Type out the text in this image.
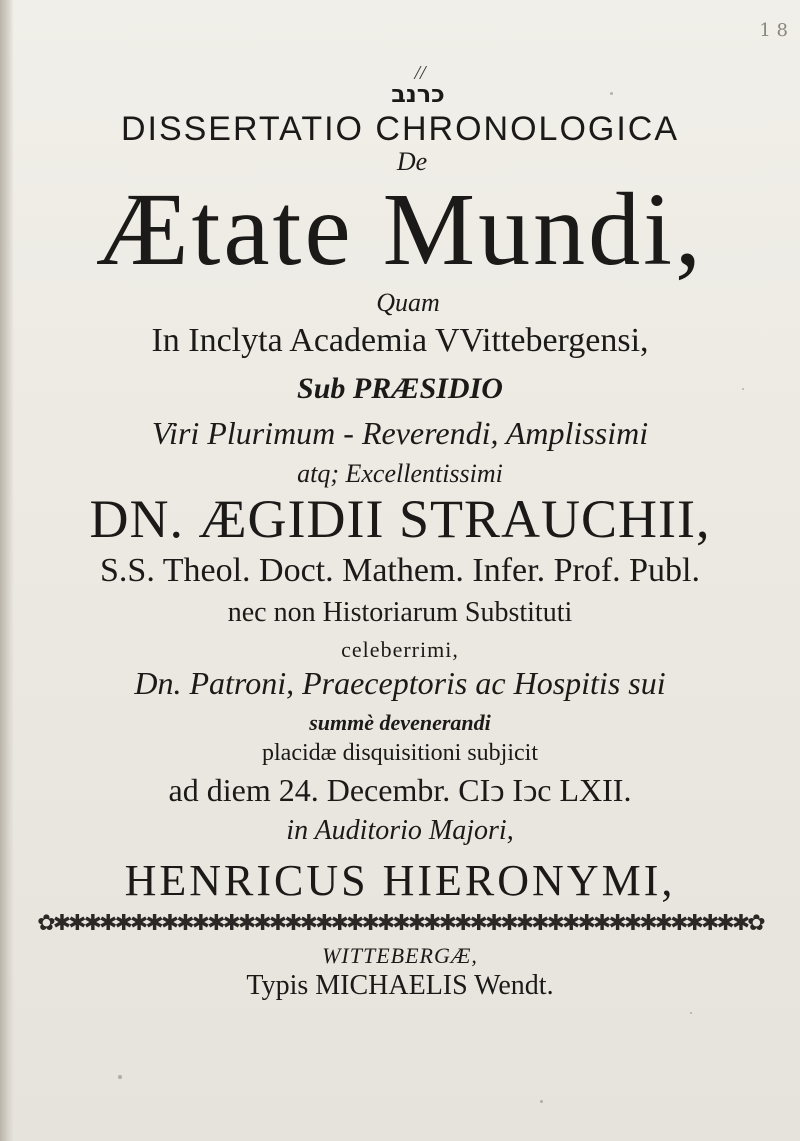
1 8
//
כרנב
DISSERTATIO CHRONOLOGICA
De
Ætate Mundi,
Quam
In Inclyta Academia VVittebergensi,
Sub PRÆSIDIO
Viri Plurimum - Reverendi, Amplissimi
atq; Excellentissimi
DN. ÆGIDII STRAUCHII,
S.S. Theol. Doct. Mathem. Infer. Prof. Publ.
nec non Historiarum Substituti
celeberrimi,
Dn. Patroni, Praeceptoris ac Hospitis sui
summè devenerandi
placidæ disquisitioni subjicit
ad diem 24. Decembr. CIↄ Iↄc LXII.
in Auditorio Majori,
HENRICUS HIERONYMI,
✿✱✱✱✱✱✱✱✱✱✱✱✱✱✱✱✱✱✱✱✱✱✱✱✱✱✱✱✱✱✱✱✱✱✱✱✱✱✱✱✱✱✱✱✱✱✿
WITTEBERGÆ,
Typis MICHAELIS Wendt.
